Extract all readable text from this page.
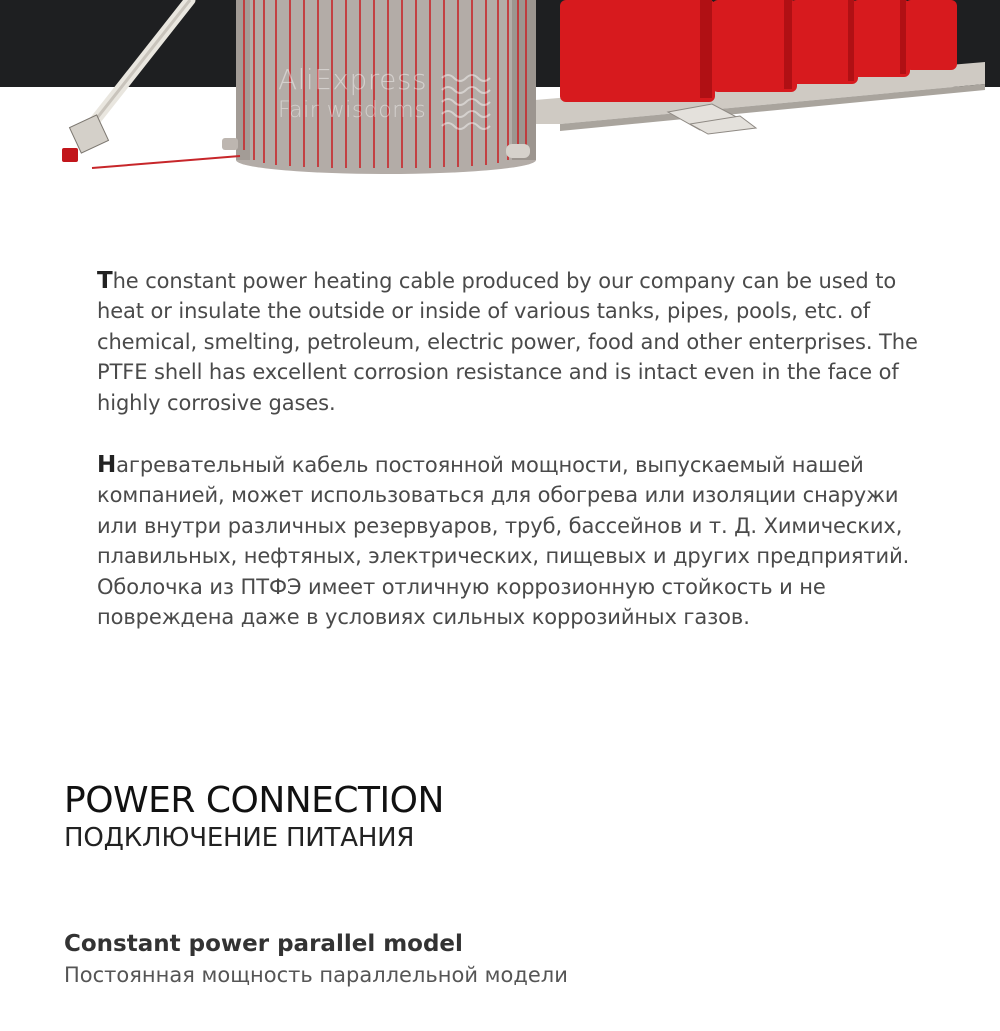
AliExpress
Fair wisdoms

The constant power heating cable produced by our company can be used to heat or insulate the outside or inside of various tanks, pipes, pools, etc. of chemical, smelting, petroleum, electric power, food and other enterprises. The PTFE shell has excellent corrosion resistance and is intact even in the face of highly corrosive gases.

Нагревательный кабель постоянной мощности, выпускаемый нашей компанией, может использоваться для обогрева или изоляции снаружи или внутри различных резервуаров, труб, бассейнов и т. Д. Химических, плавильных, нефтяных, электрических, пищевых и других предприятий. Оболочка из ПТФЭ имеет отличную коррозионную стойкость и не повреждена даже в условиях сильных коррозийных газов.

POWER CONNECTION
ПОДКЛЮЧЕНИЕ ПИТАНИЯ
Constant power parallel model

Постоянная мощность параллельной модели
